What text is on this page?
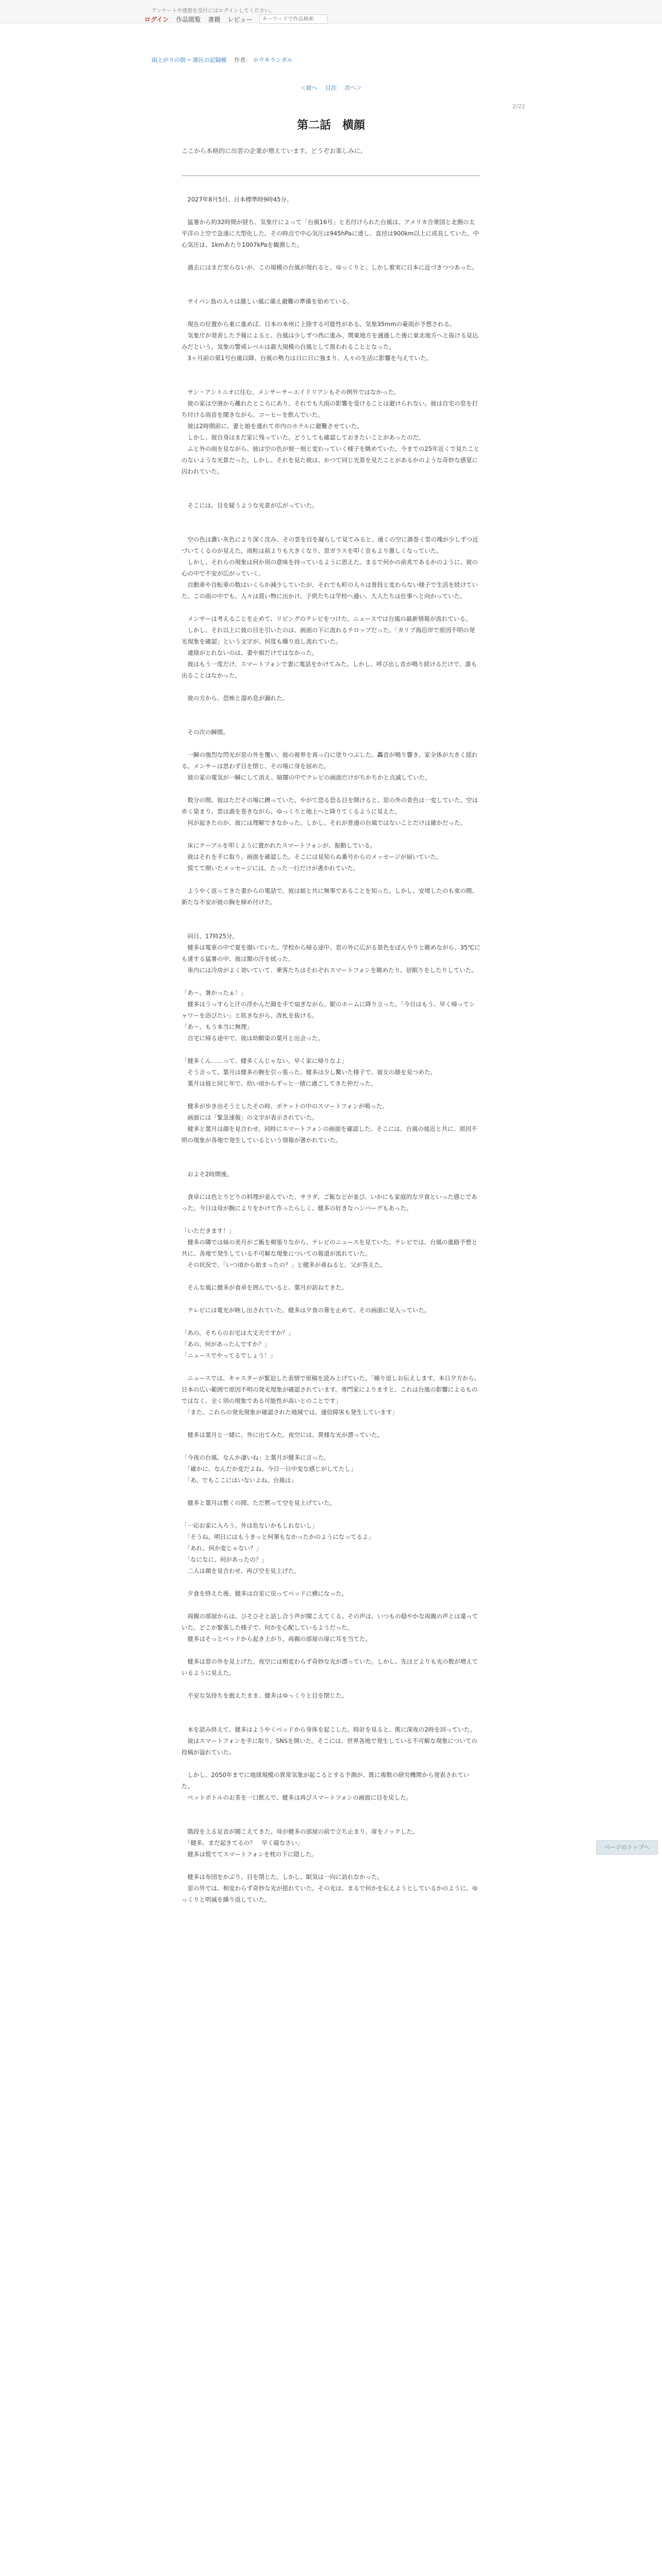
アンケートや感想を受付にはログインしてください。
ログイン 作品閲覧 書籍 レビュー
キーワードで作品検索
雨上がりの街 ─ 港区の記録帳 　 作者： ホウキランガル
＜前へ 目次 次へ＞
2/22
第二話　横顔
ここから本格的に出雲の企業が増えています。どうぞお楽しみに。

　2027年8月5日、日本標準時9時45分。

　猛暑から約32時間が経ち、気象庁によって「台風16号」と名付けられた台風は、アメリカ合衆国と北側の太平洋の上空で急速に大型化した。その時点で中心気圧は945hPaに達し、直径は900km以上に成長していた。中心気圧は、1kmあたり1007kPaを観測した。

　過去にはまだ至らないが、この規模の台風が現れると、ゆっくりと、しかし着実に日本に近づきつつあった。

　サイパン島の人々は激しい風に備え避難の準備を始めている。

　現在の位置から東に進めば、日本の本州に上陸する可能性がある。気象35mmの豪雨が予想される。

　気象庁が発表した予報によると、台風は少しずつ西に進み、関東地方を通過した後に東北地方へと抜ける見込みだという。気象の警戒レベルは最大規模の台風として扱われることとなった。

　3ヶ月前の第1号台風以降、台風の勢力は日に日に強まり、人々の生活に影響を与えていた。

　サン・アントニオに住む、メンサーサーエイドリアンもその例外ではなかった。

　彼の家は空港から離れたところにあり、それでも大雨の影響を受けることは避けられない。彼は自宅の窓を打ち付ける雨音を聞きながら、コーヒーを飲んでいた。

　彼は2時間前に、妻と娘を連れて市内のホテルに避難させていた。

　しかし、彼自身はまだ家に残っていた。どうしても確認しておきたいことがあったのだ。

　ふと外の雨を見ながら、彼は空の色が刻一刻と変わっていく様子を眺めていた。今までの25年近くで見たことのないような光景だった。しかし、それを見た彼は、かつて同じ光景を見たことがあるかのような奇妙な感覚に囚われていた。

　そこには、目を疑うような光景が広がっていた。

　空の色は濃い灰色により深く沈み、その雲を目を凝らして見てみると、遠くの空に渦巻く雲の塊が少しずつ近づいてくるのが見えた。雨粒は前よりも大きくなり、窓ガラスを叩く音もより激しくなっていた。

　しかし、それらの現象は何か別の意味を持っているように思えた。まるで何かの前兆であるかのように、彼の心の中で不安が広がっていく。

　自動車や自転車の数はいくらか減少していたが、それでも町の人々は普段と変わらない様子で生活を続けていた。この雨の中でも、人々は買い物に出かけ、子供たちは学校へ通い、大人たちは仕事へと向かっていた。

　メンサーは考えることを止めて、リビングのテレビをつけた。ニュースでは台風の最新情報が流れている。

　しかし、それ以上に彼の目を引いたのは、画面の下に流れるテロップだった。「カリブ海沿岸で原因不明の発光現象を確認」という文字が、何度も繰り返し流れていた。

　連絡がとれないのは、妻や娘だけではなかった。

　彼はもう一度だけ、スマートフォンで妻に電話をかけてみた。しかし、呼び出し音が鳴り続けるだけで、誰も出ることはなかった。

　彼の方から、恐怖と溜め息が漏れた。

　その次の瞬間。

　一瞬の強烈な閃光が窓の外を覆い、彼の視界を真っ白に塗りつぶした。轟音が鳴り響き、家全体が大きく揺れる。メンサーは思わず目を閉じ、その場に身を屈めた。

　彼の家の電気が一瞬にして消え、暗闇の中でテレビの画面だけがちかちかと点滅していた。

　数分の間、彼はただその場に蹲っていた。やがて恐る恐る目を開けると、窓の外の景色は一変していた。空は赤く染まり、雲は渦を巻きながら、ゆっくりと地上へと降りてくるように見えた。

　何が起きたのか、彼には理解できなかった。しかし、それが普通の台風ではないことだけは確かだった。

　床にテーブルを叩くように置かれたスマートフォンが、振動している。

　彼はそれを手に取り、画面を確認した。そこには見知らぬ番号からのメッセージが届いていた。

　慌てて開いたメッセージには、たった一行だけが書かれていた。

　ようやく返ってきた妻からの電話で、彼は娘と共に無事であることを知った。しかし、安堵したのも束の間、新たな不安が彼の胸を締め付けた。

　同日、17時25分。

　健多は電車の中で夏を描いていた。学校から帰る途中、窓の外に広がる景色をぼんやりと眺めながら、35℃にも達する猛暑の中、彼は額の汗を拭った。

　車内には冷房がよく効いていて、乗客たちはそれぞれスマートフォンを眺めたり、居眠りをしたりしていた。

「あ〜、暑かったぁ！」

　健多はうっすらと汗の浮かんだ顔を手で扇ぎながら、駅のホームに降り立った。「今日はもう、早く帰ってシャワーを浴びたい」と呟きながら、改札を抜ける。

「あ〜、もう本当に無理」

　自宅に帰る途中で、彼は幼馴染の葉月と出会った。

「健多くん……って、健多くんじゃない。早く家に帰りなよ」

　そう言って、葉月は健多の腕を引っ張った。健多は少し驚いた様子で、彼女の顔を見つめた。

　葉月は彼と同じ年で、幼い頃からずっと一緒に過ごしてきた仲だった。

　健多が歩き出そうとしたその時、ポケットの中のスマートフォンが鳴った。

　画面には「緊急速報」の文字が表示されていた。

　健多と葉月は顔を見合わせ、同時にスマートフォンの画面を確認した。そこには、台風の接近と共に、原因不明の現象が各地で発生しているという情報が書かれていた。

　およそ2時間後。

　食卓には色とりどりの料理が並んでいた。サラダ、ご飯などが並び、いかにも家庭的な夕食といった感じであった。今日は母が腕によりをかけて作ったらしく、健多の好きなハンバーグもあった。

「いただきます！」

　健多の隣では妹の美月がご飯を頬張りながら、テレビのニュースを見ていた。テレビでは、台風の進路予想と共に、各地で発生している不可解な現象についての報道が流れていた。

　その状況で、「いつ頃から始まったの？」と健多が尋ねると、父が答えた。

　そんな風に健多が食卓を囲んでいると、葉月が訪ねてきた。

　テレビには電光が映し出されていた。健多は夕食の箸を止めて、その画面に見入っていた。

「あの、そちらのお宅は大丈夫ですか？」

「あの、何があったんですか？」

「ニュースでやってるでしょう！」

　ニュースでは、キャスターが緊迫した表情で原稿を読み上げていた。「繰り返しお伝えします。本日夕方から、日本の広い範囲で原因不明の発光現象が確認されています。専門家によりますと、これは台風の影響によるものではなく、全く別の現象である可能性が高いとのことです」

　「また、これらの発光現象が確認された地域では、通信障害も発生しています」

　健多は葉月と一緒に、外に出てみた。夜空には、異様な光が漂っていた。

「今夜の台風、なんか凄いね」と葉月が健多に言った。

　「確かに、なんだか変だよね。今日一日中変な感じがしてたし」

　「あ、でもここにはいないよね、台風は」

　健多と葉月は暫くの間、ただ黙って空を見上げていた。

「一応お家に入ろう。外は危ないかもしれないし」

　「そうね。明日にはもうきっと何事もなかったかのようになってるよ」

　「あれ、何か変じゃない？」

　「なになに、何があったの？」

　二人は顔を見合わせ、再び空を見上げた。

　夕食を終えた後、健多は自室に戻ってベッドに横になった。

　両親の部屋からは、ひそひそと話し合う声が聞こえてくる。その声は、いつもの穏やかな両親の声とは違っていた。どこか緊張した様子で、何かを心配しているようだった。

　健多はそっとベッドから起き上がり、両親の部屋の扉に耳を当てた。

　健多は窓の外を見上げた。夜空には相変わらず奇妙な光が漂っていた。しかし、先ほどよりも光の数が増えているように見えた。

　不安な気持ちを抱えたまま、健多はゆっくりと目を閉じた。

　本を読み終えて、健多はようやくベッドから身体を起こした。時計を見ると、既に深夜の2時を回っていた。

　彼はスマートフォンを手に取り、SNSを開いた。そこには、世界各地で発生している不可解な現象についての投稿が溢れていた。

　しかし、2050年までに地球規模の異常気象が起こるとする予測が、既に複数の研究機関から発表されていた。

　ペットボトルのお茶を一口飲んで、健多は再びスマートフォンの画面に目を戻した。

　階段を上る足音が聞こえてきた。母が健多の部屋の前で立ち止まり、扉をノックした。

　「健多、まだ起きてるの？　早く寝なさい」

　健多は慌ててスマートフォンを枕の下に隠した。

　健多は布団をかぶり、目を閉じた。しかし、眠気は一向に訪れなかった。

　窓の外では、相変わらず奇妙な光が揺れていた。その光は、まるで何かを伝えようとしているかのように、ゆっくりと明滅を繰り返していた。

ページのトップへ
